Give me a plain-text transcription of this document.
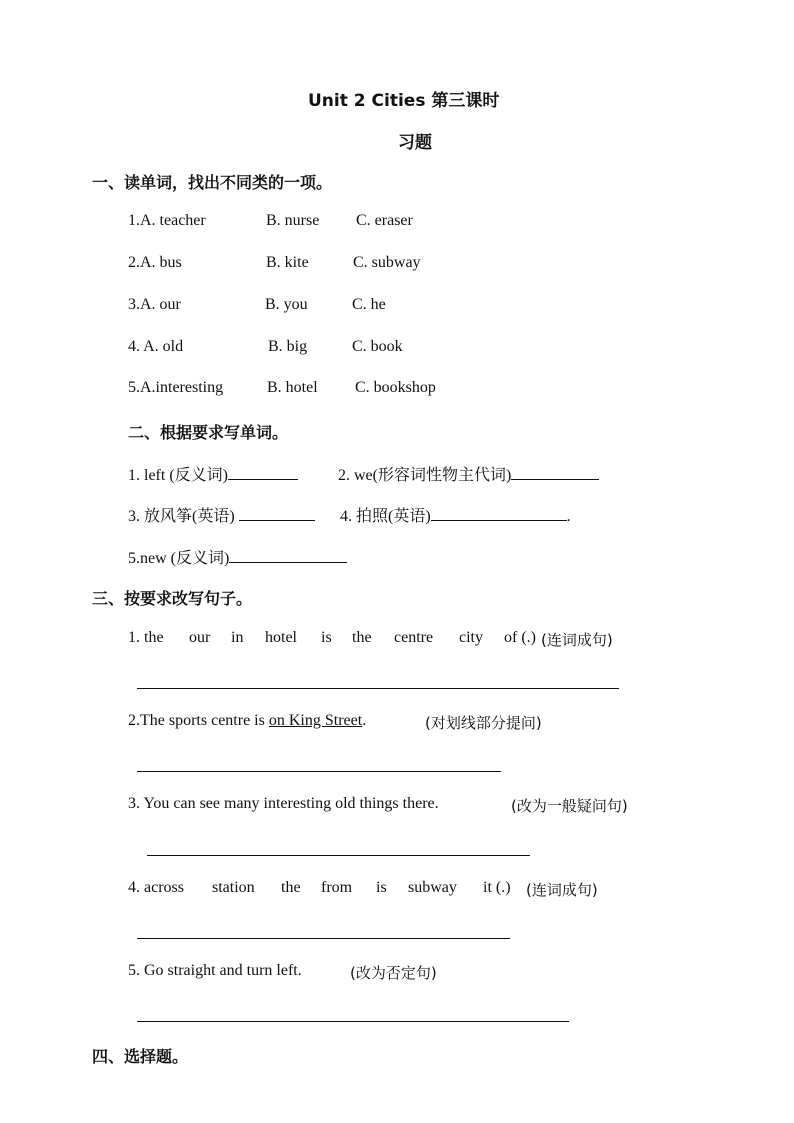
Unit 2 Cities 第三课时
习题
一、读单词，找出不同类的一项。
1.A. teacher	B. nurse C. eraser
2.A. bus	B. kite	C. subway
3.A. our	B. you	C. he
4. A. old	B. big	C. book
5.A.interesting	B. hotel C. bookshop
二、根据要求写单词。
1. left (反义词)	2. we(形容词性物主代词)
3. 放风筝(英语)	4. 拍照(英语)	.
5.new (反义词)
三、按要求改写句子。
1. the our in hotel is the centre city of (.) (连词成句)
2.The sports centre is on King Street.	(对划线部分提问)
3. You can see many interesting old things there.	(改为一般疑问句)
4. across station the from is subway it (.) (连词成句)
5. Go straight and turn left.	(改为否定句)
四、选择题。
